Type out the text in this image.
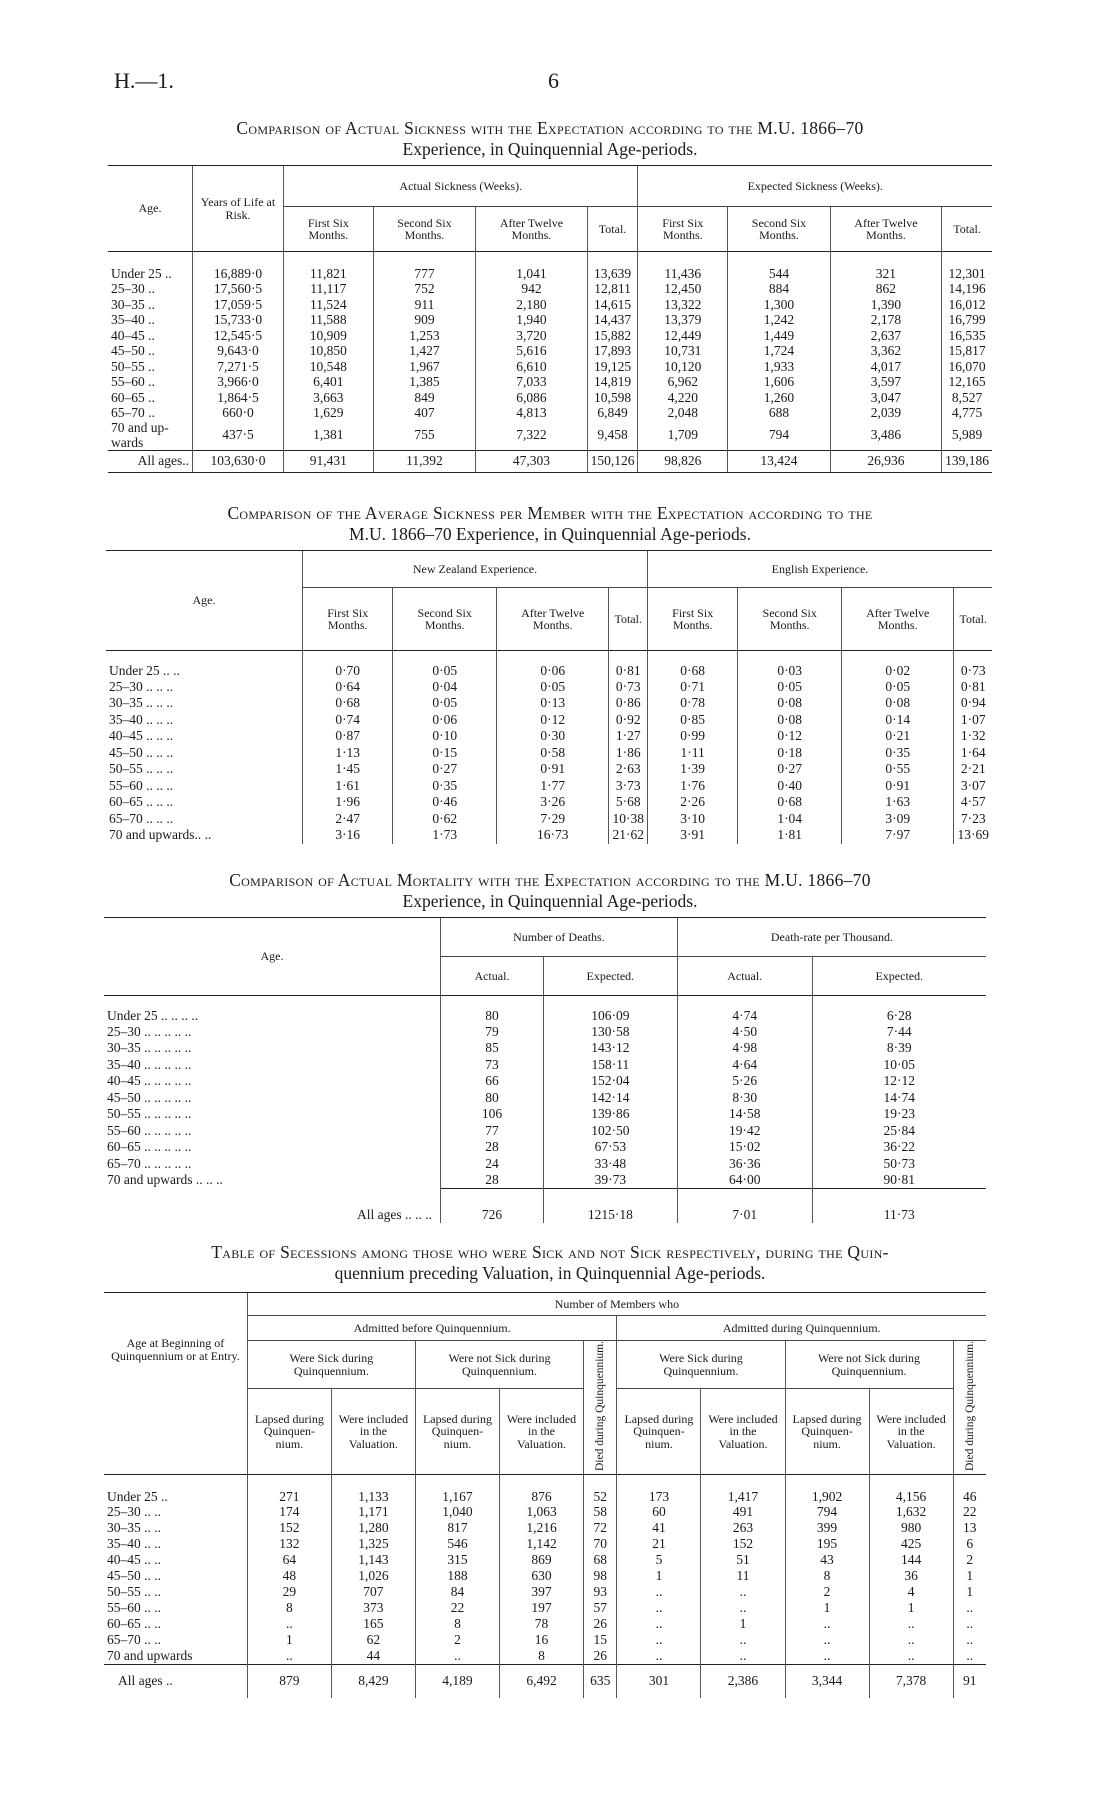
H.—1.	6
Comparison of Actual Sickness with the Expectation according to the M.U. 1866–70
Experience, in Quinquennial Age-periods.
Age.	Years of Life at Risk.	Actual Sickness (Weeks).				Expected Sickness (Weeks).			
		First Six Months.	Second Six Months.	After Twelve Months.	Total.	First Six Months.	Second Six Months.	After Twelve Months.	Total.
Under 25 ..	16,889·0	11,821	777	1,041	13,639	11,436	544	321	12,301
25–30 ..	17,560·5	11,117	752	942	12,811	12,450	884	862	14,196
30–35 ..	17,059·5	11,524	911	2,180	14,615	13,322	1,300	1,390	16,012
35–40 ..	15,733·0	11,588	909	1,940	14,437	13,379	1,242	2,178	16,799
40–45 ..	12,545·5	10,909	1,253	3,720	15,882	12,449	1,449	2,637	16,535
45–50 ..	9,643·0	10,850	1,427	5,616	17,893	10,731	1,724	3,362	15,817
50–55 ..	7,271·5	10,548	1,967	6,610	19,125	10,120	1,933	4,017	16,070
55–60 ..	3,966·0	6,401	1,385	7,033	14,819	6,962	1,606	3,597	12,165
60–65 ..	1,864·5	3,663	849	6,086	10,598	4,220	1,260	3,047	8,527
65–70 ..	660·0	1,629	407	4,813	6,849	2,048	688	2,039	4,775
70 and up-wards	437·5	1,381	755	7,322	9,458	1,709	794	3,486	5,989
All ages..	103,630·0	91,431	11,392	47,303	150,126	98,826	13,424	26,936	139,186
Comparison of the Average Sickness per Member with the Expectation according to the
M.U. 1866–70 Experience, in Quinquennial Age-periods.
Age.	New Zealand Experience.				English Experience.			
	First Six Months.	Second Six Months.	After Twelve Months.	Total.	First Six Months.	Second Six Months.	After Twelve Months.	Total.
Under 25 .. ..	0·70	0·05	0·06	0·81	0·68	0·03	0·02	0·73
25–30 .. .. ..	0·64	0·04	0·05	0·73	0·71	0·05	0·05	0·81
30–35 .. .. ..	0·68	0·05	0·13	0·86	0·78	0·08	0·08	0·94
35–40 .. .. ..	0·74	0·06	0·12	0·92	0·85	0·08	0·14	1·07
40–45 .. .. ..	0·87	0·10	0·30	1·27	0·99	0·12	0·21	1·32
45–50 .. .. ..	1·13	0·15	0·58	1·86	1·11	0·18	0·35	1·64
50–55 .. .. ..	1·45	0·27	0·91	2·63	1·39	0·27	0·55	2·21
55–60 .. .. ..	1·61	0·35	1·77	3·73	1·76	0·40	0·91	3·07
60–65 .. .. ..	1·96	0·46	3·26	5·68	2·26	0·68	1·63	4·57
65–70 .. .. ..	2·47	0·62	7·29	10·38	3·10	1·04	3·09	7·23
70 and upwards.. ..	3·16	1·73	16·73	21·62	3·91	1·81	7·97	13·69
Comparison of Actual Mortality with the Expectation according to the M.U. 1866–70
Experience, in Quinquennial Age-periods.
Age.	Number of Deaths.		Death-rate per Thousand.	
	Actual.	Expected.	Actual.	Expected.
Under 25 .. .. .. ..	80	106·09	4·74	6·28
25–30 .. .. .. .. ..	79	130·58	4·50	7·44
30–35 .. .. .. .. ..	85	143·12	4·98	8·39
35–40 .. .. .. .. ..	73	158·11	4·64	10·05
40–45 .. .. .. .. ..	66	152·04	5·26	12·12
45–50 .. .. .. .. ..	80	142·14	8·30	14·74
50–55 .. .. .. .. ..	106	139·86	14·58	19·23
55–60 .. .. .. .. ..	77	102·50	19·42	25·84
60–65 .. .. .. .. ..	28	67·53	15·02	36·22
65–70 .. .. .. .. ..	24	33·48	36·36	50·73
70 and upwards .. .. ..	28	39·73	64·00	90·81
All ages .. .. ..	726	1215·18	7·01	11·73
Table of Secessions among those who were Sick and not Sick respectively, during the Quin-
quennium preceding Valuation, in Quinquennial Age-periods.
Age at Beginning of Quinquennium or at Entry.	Number of Members who									
	Admitted before Quinquennium.					Admitted during Quinquennium.				
	Were Sick during Quinquennium.		Were not Sick during Quinquennium.		Died during Quinquennium.	Were Sick during Quinquennium.		Were not Sick during Quinquennium.		Died during Quinquennium.
	Lapsed during Quinquen-nium.	Were included in the Valuation.	Lapsed during Quinquen-nium.	Were included in the Valuation.		Lapsed during Quinquen-nium.	Were included in the Valuation.	Lapsed during Quinquen-nium.	Were included in the Valuation.	
Under 25 ..	271	1,133	1,167	876	52	173	1,417	1,902	4,156	46
25–30 .. ..	174	1,171	1,040	1,063	58	60	491	794	1,632	22
30–35 .. ..	152	1,280	817	1,216	72	41	263	399	980	13
35–40 .. ..	132	1,325	546	1,142	70	21	152	195	425	6
40–45 .. ..	64	1,143	315	869	68	5	51	43	144	2
45–50 .. ..	48	1,026	188	630	98	1	11	8	36	1
50–55 .. ..	29	707	84	397	93	..	..	2	4	1
55–60 .. ..	8	373	22	197	57	..	..	1	1	..
60–65 .. ..	..	165	8	78	26	..	1	..	..	..
65–70 .. ..	1	62	2	16	15	..	..	..	..	..
70 and upwards	..	44	..	8	26	..	..	..	..	..
All ages ..	879	8,429	4,189	6,492	635	301	2,386	3,344	7,378	91
